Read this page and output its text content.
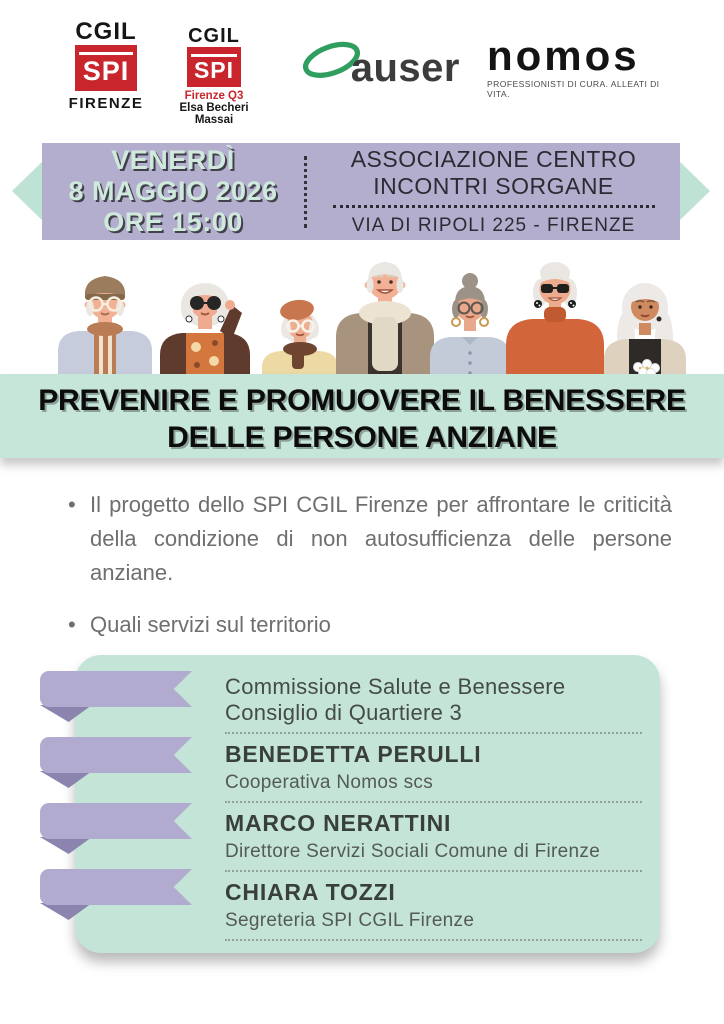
CGIL
SPI
FIRENZE
CGIL
SPI
Firenze Q3
Elsa Becheri Massai
auser nomos
PROFESSIONISTI DI CURA. ALLEATI DI VITA.
VENERDÌ
8 MAGGIO 2026
ORE 15:00
ASSOCIAZIONE CENTRO
INCONTRI SORGANE
VIA DI RIPOLI 225 - FIRENZE
PREVENIRE E PROMUOVERE IL BENESSERE
DELLE PERSONE ANZIANE
• Il progetto dello SPI CGIL Firenze per affrontare le criticità della condizione di non autosufficienza delle persone anziane.
• Quali servizi sul territorio
Commissione Salute e Benessere
Consiglio di Quartiere 3
BENEDETTA PERULLI
Cooperativa Nomos scs
MARCO NERATTINI
Direttore Servizi Sociali Comune di Firenze
CHIARA TOZZI
Segreteria SPI CGIL Firenze
